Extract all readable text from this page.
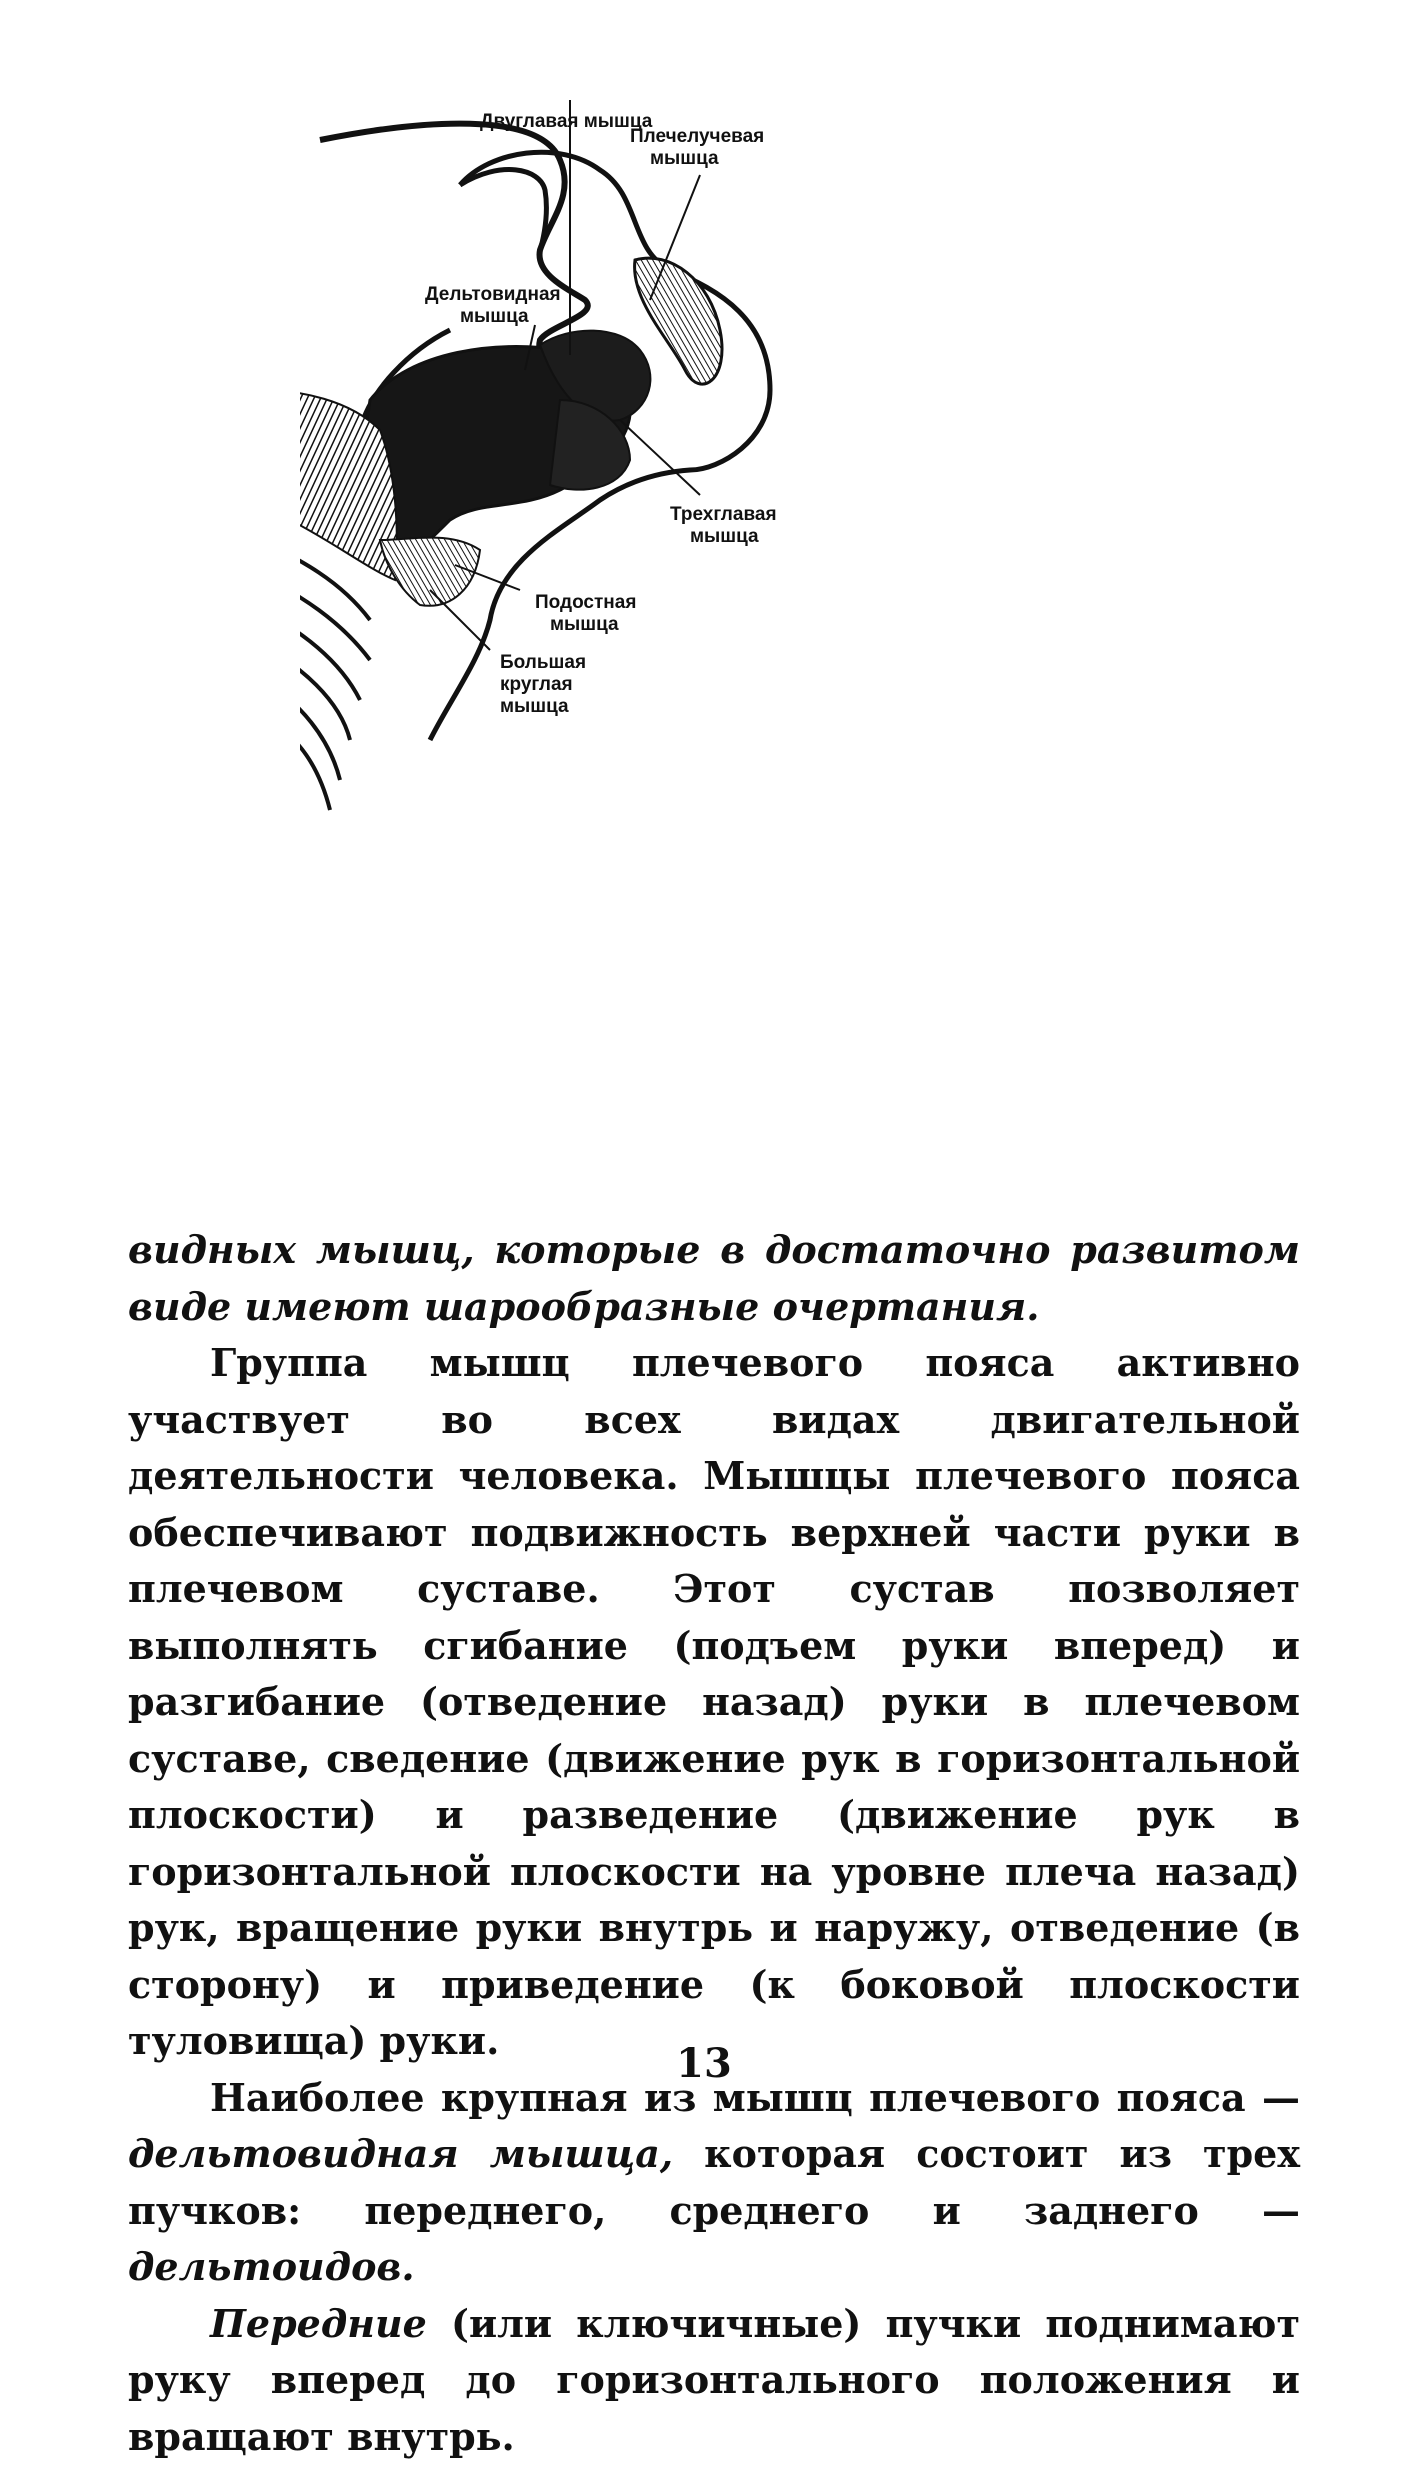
Двуглавая мышца
Плечелучевая
мышца
Дельтовидная
мышца
Трехглавая
мышца
Подостная
мышца
Большая
круглая
мышца

видных мышц, которые в достаточно развитом виде имеют шарообразные очертания.

Группа мышц плечевого пояса активно участвует во всех видах двигательной деятельности человека. Мышцы плечевого пояса обеспечивают подвижность верхней части руки в плечевом суставе. Этот сустав позволяет выполнять сгибание (подъем руки вперед) и разгибание (отведение назад) руки в плечевом суставе, сведение (движение рук в горизонтальной плоскости) и разведение (движение рук в горизонтальной плоскости на уровне плеча назад) рук, вращение руки внутрь и наружу, отведение (в сторону) и приведение (к боковой плоскости туловища) руки.

Наиболее крупная из мышц плечевого пояса — дельтовидная мышца, которая состоит из трех пучков: переднего, среднего и заднего — дельтоидов.

Передние (или ключичные) пучки поднимают руку вперед до горизонтального положения и вращают внутрь.

13
